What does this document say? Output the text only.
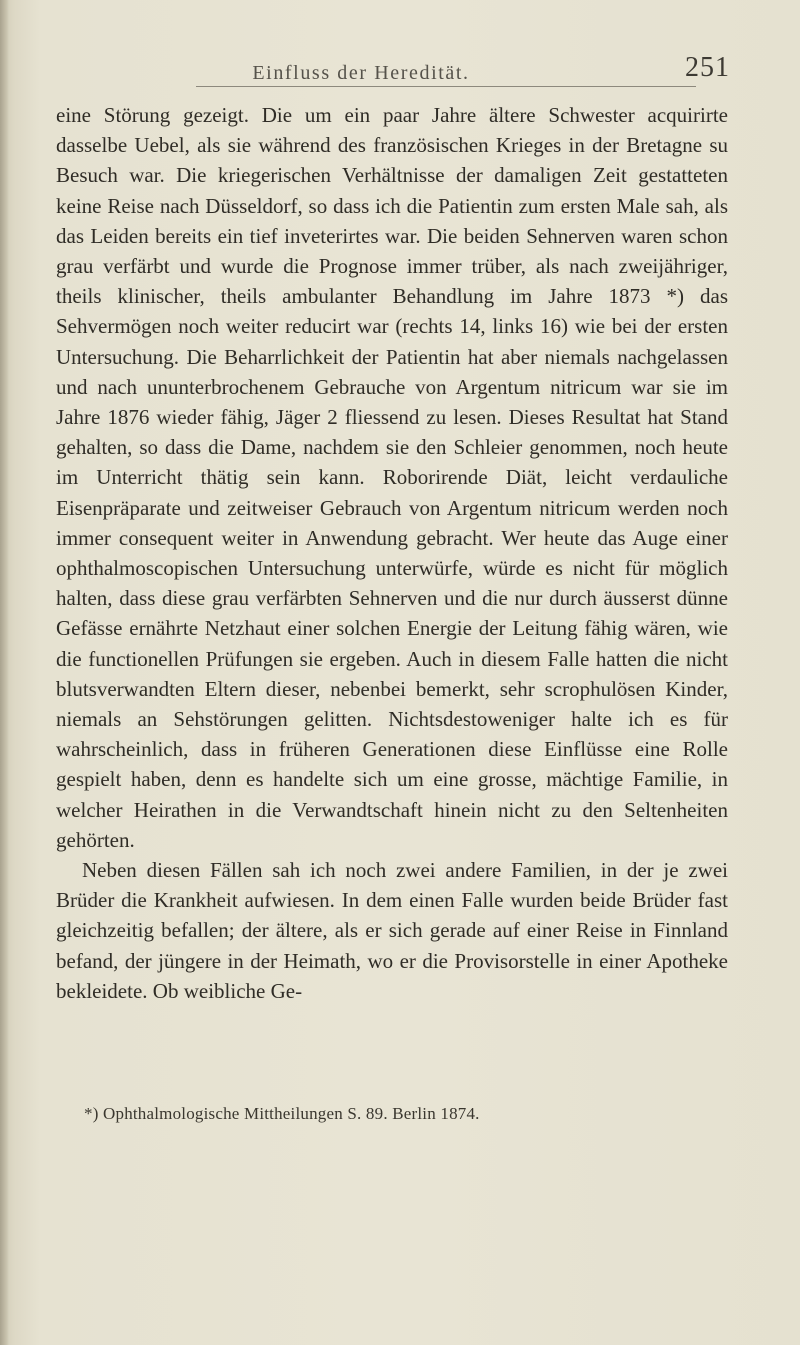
Einfluss der Heredität.	251

eine Störung gezeigt. Die um ein paar Jahre ältere Schwester acquirirte dasselbe Uebel, als sie während des französischen Krieges in der Bretagne su Besuch war. Die kriegerischen Verhältnisse der damaligen Zeit gestatteten keine Reise nach Düsseldorf, so dass ich die Patientin zum ersten Male sah, als das Leiden bereits ein tief inveterirtes war. Die beiden Sehnerven waren schon grau verfärbt und wurde die Prognose immer trüber, als nach zweijähriger, theils klinischer, theils ambulanter Behandlung im Jahre 1873 *) das Sehvermögen noch weiter reducirt war (rechts 14, links 16) wie bei der ersten Untersuchung. Die Beharrlichkeit der Patientin hat aber niemals nachgelassen und nach ununterbrochenem Gebrauche von Argentum nitricum war sie im Jahre 1876 wieder fähig, Jäger 2 fliessend zu lesen. Dieses Resultat hat Stand gehalten, so dass die Dame, nachdem sie den Schleier genommen, noch heute im Unterricht thätig sein kann. Roborirende Diät, leicht verdauliche Eisenpräparate und zeitweiser Gebrauch von Argentum nitricum werden noch immer consequent weiter in Anwendung gebracht. Wer heute das Auge einer ophthalmoscopischen Untersuchung unterwürfe, würde es nicht für möglich halten, dass diese grau verfärbten Sehnerven und die nur durch äusserst dünne Gefässe ernährte Netzhaut einer solchen Energie der Leitung fähig wären, wie die functionellen Prüfungen sie ergeben. Auch in diesem Falle hatten die nicht blutsverwandten Eltern dieser, nebenbei bemerkt, sehr scrophulösen Kinder, niemals an Sehstörungen gelitten. Nichtsdestoweniger halte ich es für wahrscheinlich, dass in früheren Generationen diese Einflüsse eine Rolle gespielt haben, denn es handelte sich um eine grosse, mächtige Familie, in welcher Heirathen in die Verwandtschaft hinein nicht zu den Seltenheiten gehörten.

Neben diesen Fällen sah ich noch zwei andere Familien, in der je zwei Brüder die Krankheit aufwiesen. In dem einen Falle wurden beide Brüder fast gleichzeitig befallen; der ältere, als er sich gerade auf einer Reise in Finnland befand, der jüngere in der Heimath, wo er die Provisorstelle in einer Apotheke bekleidete. Ob weibliche Ge-

*) Ophthalmologische Mittheilungen S. 89. Berlin 1874.
